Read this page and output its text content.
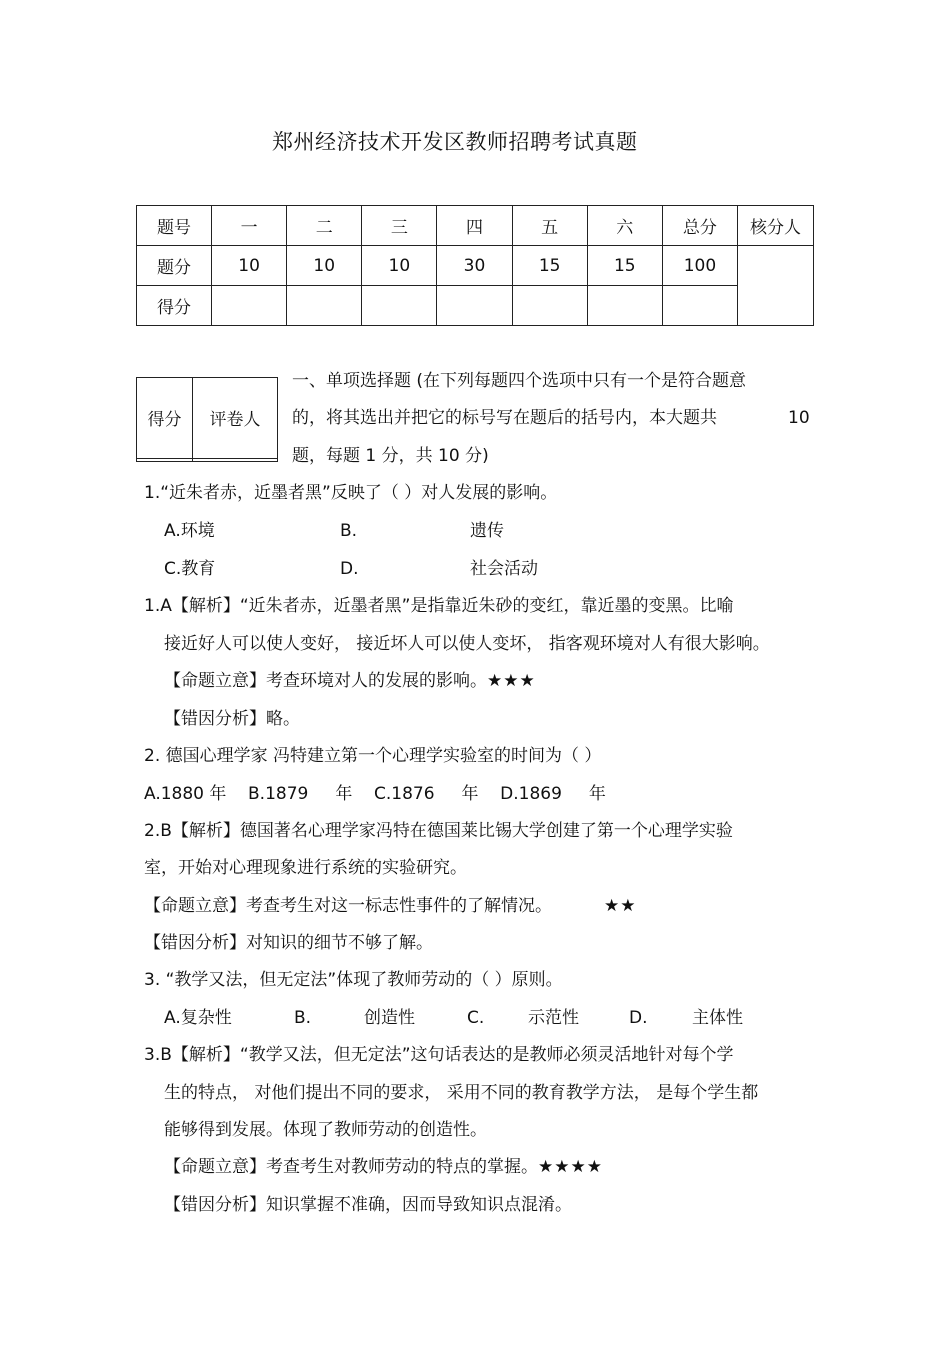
郑州经济技术开发区教师招聘考试真题
题号	一	二	三	四	五	六	总分	核分人
题分	10	10	10	30	15	15	100	
得分								
得分	评卷人

一、单项选择题 (在下列每题四个选项中只有一个是符合题意
的，将其选出并把它的标号写在题后的括号内，本大题共	10
题，每题 1 分，共 10 分)
1.“近朱者赤，近墨者黑”反映了（ ）对人发展的影响。
A.环境	B.	遗传
C.教育	D.	社会活动
1.A【解析】“近朱者赤，近墨者黑”是指靠近朱砂的变红，靠近墨的变黑。比喻
接近好人可以使人变好， 接近坏人可以使人变坏， 指客观环境对人有很大影响。
【命题立意】考查环境对人的发展的影响。★★★
【错因分析】略。
2. 德国心理学家 冯特建立第一个心理学实验室的时间为（ ）
A.1880 年    B.1879     年    C.1876     年    D.1869     年
2.B【解析】德国著名心理学家冯特在德国莱比锡大学创建了第一个心理学实验
室，开始对心理现象进行系统的实验研究。
【命题立意】考查考生对这一标志性事件的了解情况。	★★
【错因分析】对知识的细节不够了解。
3. “教学又法，但无定法”体现了教师劳动的（ ）原则。
A.复杂性	B.	创造性	C.	示范性	D.	主体性
3.B【解析】“教学又法，但无定法”这句话表达的是教师必须灵活地针对每个学
生的特点， 对他们提出不同的要求， 采用不同的教育教学方法， 是每个学生都
能够得到发展。体现了教师劳动的创造性。
【命题立意】考查考生对教师劳动的特点的掌握。★★★★
【错因分析】知识掌握不准确，因而导致知识点混淆。
